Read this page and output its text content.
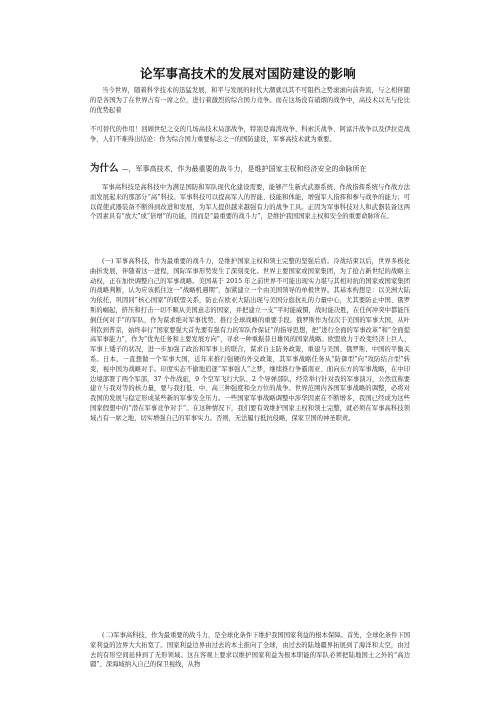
论军事高技术的发展对国防建设的影响

当今世界，随着科学技术的迅猛发展，和平与发展的时代大潮就以其不可阻挡之势滚滚向前奔流，与之相伴随的是各国为了在世界占有一席之位，进行着激烈的综合国力竞争。而在这场没有硝烟的战争中，高技术以无与伦比的优势起着

不可替代的作用！回顾世纪之交的几场高技术局部战争，特别是海湾战争、科索沃战争、阿富汗战争以及伊拉克战争，人们不难得出结论：作为综合国力重要标志之一的国防建设，军事高技术就为重要。

为什么 —，军事高技术，作为最重要的战斗力，是维护国家主权和经济安全的命脉所在

军事高科技是高科技中为满足国防和军队现代化建设需要，能够产生新式武器系统、作战指挥系统与作战方法而发展起来的那部分“高”科技。军事科技可以提高军人的智能、技能和体能，增强军人指挥和参与战争的能力；可以促使武器装备不断得到改进和发展，为军人提供越来越强有力的战争工具。正因为军事科技对人和武器装备这两个因素具有“放大”或“倍增”的功能，因而是“最重要的战斗力”，是维护我国国家主权和安全的重要命脉所在。

(一) 军事高科技，作为最重要的战斗力，是维护国家主权和领土完整的坚强后盾。冷战结束以后，世界多极化曲折发展，伴随着这一进程，国际军事形势发生了深刻变化。世界主要国家或国家集团，为了抢占新世纪的战略主动权，正在加快调整自己的军事战略。美国基于 2015 年之前世界不可能出现实力堪与其相对抗的国家或国家集团的战略判断，认为应该抓住这一“战略机遇期”，加紧建立一个由美国领导的单极世界。其基本构想是：以美洲大陆为依托，巩固同“核心国家”的联盟关系，防止在欧亚大陆出现与美国分庭抗礼的力量中心，尤其要防止中国、俄罗斯的崛起，挤压和打击一切不顺从美国意志的国家，并把建立一支“平时能威慑，战时能决胜，在任何冲突中都能压倒任何对手”的军队，作为谋求绝对军事优势、推行全球战略的重要手段。俄罗斯作为仅次于美国的军事大国，从叶利钦到普京，始终奉行“国家要强大首先要有强有力的军队作保证”的指导思想，把“进行全面的军事改革”和“全面提高军事能力”，作为“优先任务和主要发展方向”，寻求一种重振昔日雄风的国家战略。欧盟致力于改变经济上巨人、军事上矮子的状况，进一步加强了政治和军事上的联合，谋求自主防务政策，重建与美国、俄罗斯、中国的平衡关系。日本，一直想做一个军事大国，近年来推行强硬的外交政策，其军事战略任务从“防御型”向“攻防结合型”转变，视中国为战略对手。印度实态不偷地追逐“军事强人”之梦，继续推行争霸南亚、面向东方的军事战略，在中印边境部署了两个军部，37 个作战旅，9 个空军飞行大队、2 个导弹部队，经常举行针对我的军事演习，公然宣称要建立与我对等的核力量，要与我打低、中、高三种强度和全方位的战争。世界范围内各国军事战略的调整，必将对我国的发展与稳定形成某些新的军事安全压力。一些国家军事战略调整中涉华因素在不断增多，我国已经成为这些国家假想中的“潜在军事竞争对手”。在这种情况下，我们要有效维护国家主权和领土完整，就必须在军事高科技领域占有一席之地，切实增强自己的军事实力。否则，无法履行抵抗侵略、保家卫国的神圣职责。

(二)军事高科技，作为最重要的战斗力，是全球化条件下维护我国国家利益的根本保障。首先，全球化条件下国家利益的边界大大拓宽了。国家利益边界由过去的本土推向了全球，由过去的陆地疆界拓展到了海洋和太空，由过去的有形空间延伸到了无形领域。这在客观上要求以维护国家利益为根本职能的军队必须把陆地国土之外的“高边疆”、深海域纳入自己的保卫视线，从物
